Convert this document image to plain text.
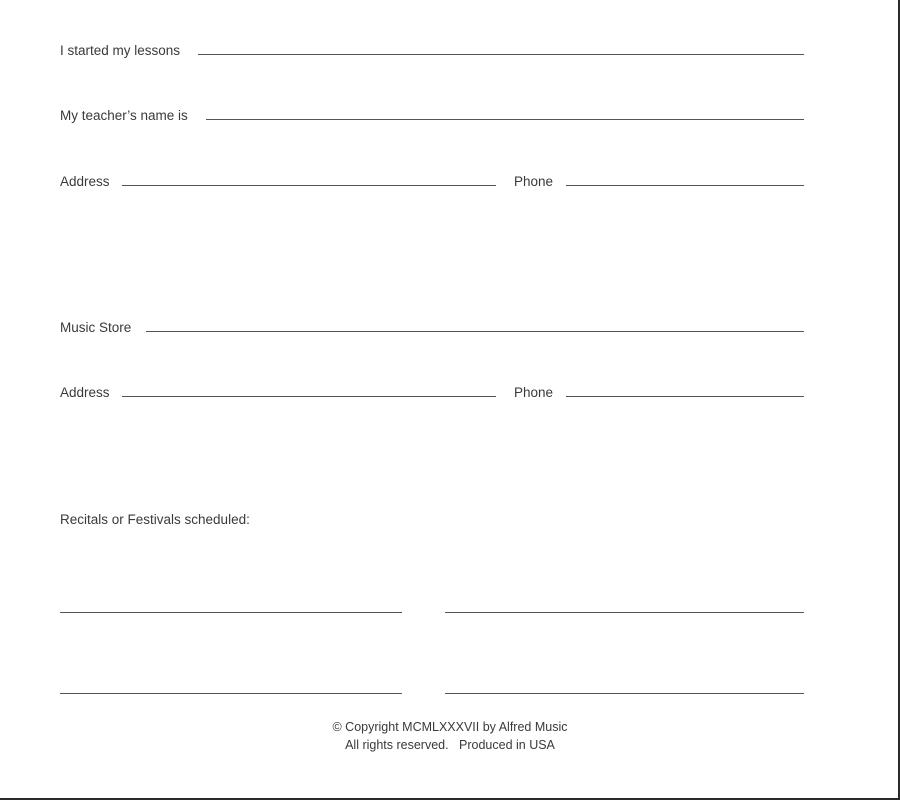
I started my lessons
My teacher’s name is
Address	Phone
Music Store
Address	Phone
Recitals or Festivals scheduled:
© Copyright MCMLXXXVII by Alfred Music
All rights reserved.   Produced in USA
